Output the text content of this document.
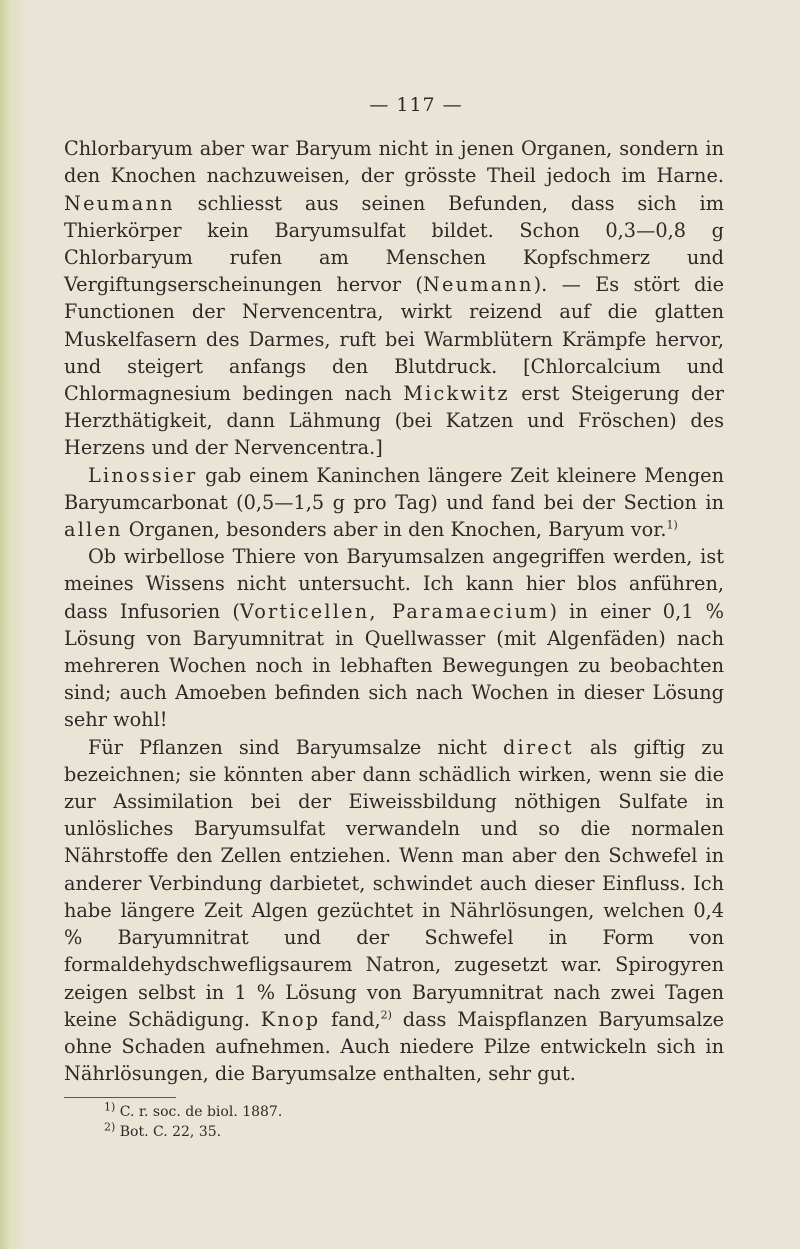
— 117 —

Chlorbaryum aber war Baryum nicht in jenen Organen, sondern in den Knochen nachzuweisen, der grösste Theil jedoch im Harne. Neumann schliesst aus seinen Befunden, dass sich im Thierkörper kein Baryumsulfat bildet. Schon 0,3—0,8 g Chlorbaryum rufen am Menschen Kopfschmerz und Vergiftungserscheinungen hervor (Neumann). — Es stört die Functionen der Nervencentra, wirkt reizend auf die glatten Muskelfasern des Darmes, ruft bei Warmblütern Krämpfe hervor, und steigert anfangs den Blutdruck. [Chlorcalcium und Chlormagnesium bedingen nach Mickwitz erst Steigerung der Herzthätigkeit, dann Lähmung (bei Katzen und Fröschen) des Herzens und der Nervencentra.]

Linossier gab einem Kaninchen längere Zeit kleinere Mengen Baryumcarbonat (0,5—1,5 g pro Tag) und fand bei der Section in allen Organen, besonders aber in den Knochen, Baryum vor.$^{1)}$

Ob wirbellose Thiere von Baryumsalzen angegriffen werden, ist meines Wissens nicht untersucht. Ich kann hier blos anführen, dass Infusorien (Vorticellen, Paramaecium) in einer 0,1 % Lösung von Baryumnitrat in Quellwasser (mit Algenfäden) nach mehreren Wochen noch in lebhaften Bewegungen zu beobachten sind; auch Amoeben befinden sich nach Wochen in dieser Lösung sehr wohl!

Für Pflanzen sind Baryumsalze nicht direct als giftig zu bezeichnen; sie könnten aber dann schädlich wirken, wenn sie die zur Assimilation bei der Eiweissbildung nöthigen Sulfate in unlösliches Baryumsulfat verwandeln und so die normalen Nährstoffe den Zellen entziehen. Wenn man aber den Schwefel in anderer Verbindung darbietet, schwindet auch dieser Einfluss. Ich habe längere Zeit Algen gezüchtet in Nährlösungen, welchen 0,4 % Baryumnitrat und der Schwefel in Form von formaldehydschwefligsaurem Natron, zugesetzt war. Spirogyren zeigen selbst in 1 % Lösung von Baryumnitrat nach zwei Tagen keine Schädigung. Knop fand,$^{2)}$ dass Maispflanzen Baryumsalze ohne Schaden aufnehmen. Auch niedere Pilze entwickeln sich in Nährlösungen, die Baryumsalze enthalten, sehr gut.

$^{1)}$ C. r. soc. de biol. 1887.
$^{2)}$ Bot. C. 22, 35.
